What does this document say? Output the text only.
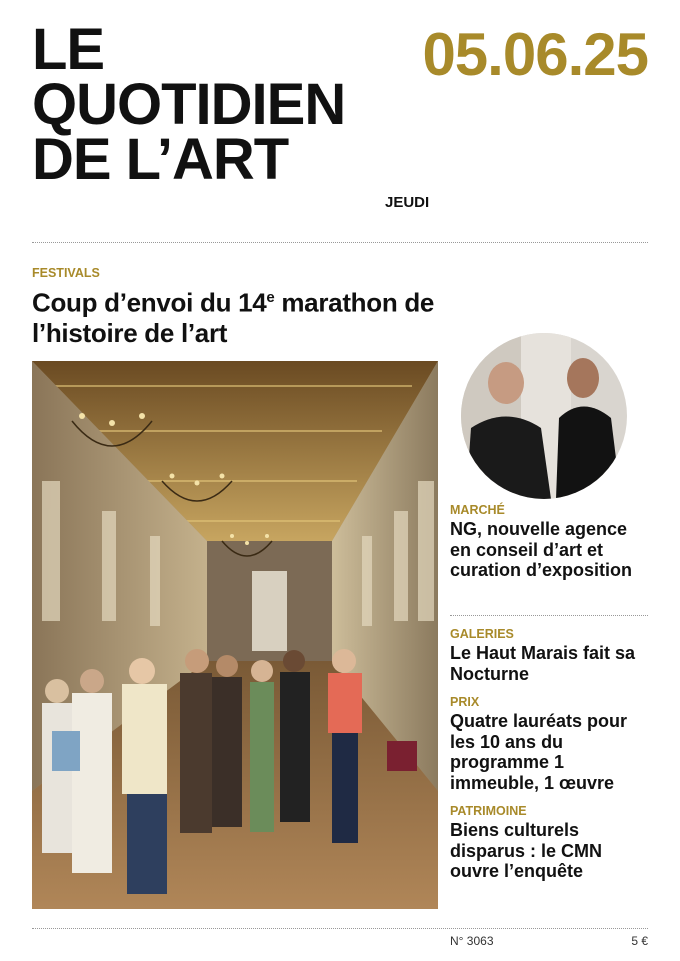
LE
QUOTIDIEN
DE L’ART
05.06.25
JEUDI
FESTIVALS
Coup d’envoi du 14e marathon de l’histoire de l’art
MARCHÉ
NG, nouvelle agence en conseil d’art et curation d’exposition
GALERIES
Le Haut Marais fait sa Nocturne
PRIX
Quatre lauréats pour les 10 ans du programme 1 immeuble, 1 œuvre
PATRIMOINE
Biens culturels disparus : le CMN ouvre l’enquête
N° 3063	5 €
